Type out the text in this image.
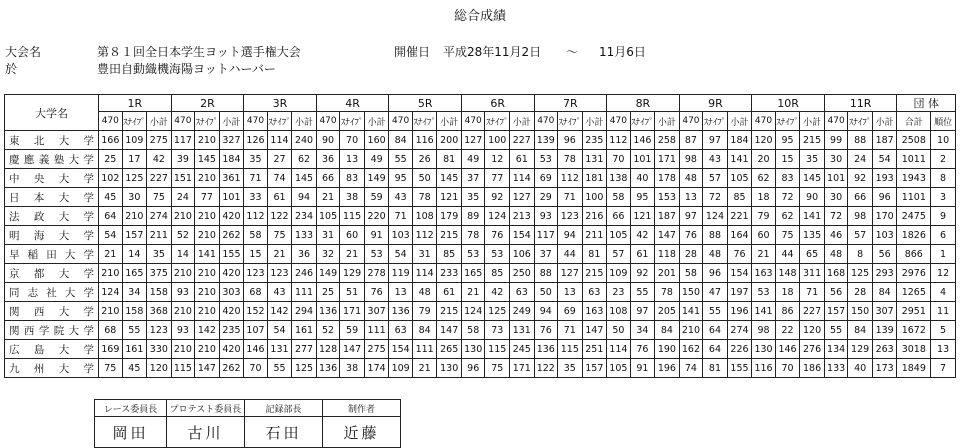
総合成績
大会名	第８１回全日本学生ヨット選手権大会
於	豊田自動織機海陽ヨットハーバー
開催日 平成28年11月2日 ～ 11月6日
大学名	1R			2R			3R			4R			5R			6R			7R			8R			9R			10R			11R			団 体	
	470	ｽﾅｲﾌﾟ	小計	470	ｽﾅｲﾌﾟ	小計	470	ｽﾅｲﾌﾟ	小計	470	ｽﾅｲﾌﾟ	小計	470	ｽﾅｲﾌﾟ	小計	470	ｽﾅｲﾌﾟ	小計	470	ｽﾅｲﾌﾟ	小計	470	ｽﾅｲﾌﾟ	小計	470	ｽﾅｲﾌﾟ	小計	470	ｽﾅｲﾌﾟ	小計	470	ｽﾅｲﾌﾟ	小計	合計	順位
東北大学	166	109	275	117	210	327	126	114	240	90	70	160	84	116	200	127	100	227	139	96	235	112	146	258	87	97	184	120	95	215	99	88	187	2508	10
慶應義塾大学	25	17	42	39	145	184	35	27	62	36	13	49	55	26	81	49	12	61	53	78	131	70	101	171	98	43	141	20	15	35	30	24	54	1011	2
中央大学	102	125	227	151	210	361	71	74	145	66	83	149	95	50	145	37	77	114	69	112	181	138	40	178	48	57	105	62	83	145	101	92	193	1943	8
日本大学	45	30	75	24	77	101	33	61	94	21	38	59	43	78	121	35	92	127	29	71	100	58	95	153	13	72	85	18	72	90	30	66	96	1101	3
法政大学	64	210	274	210	210	420	112	122	234	105	115	220	71	108	179	89	124	213	93	123	216	66	121	187	97	124	221	79	62	141	72	98	170	2475	9
明海大学	54	157	211	52	210	262	58	75	133	31	60	91	103	112	215	78	76	154	117	94	211	105	42	147	76	88	164	60	75	135	46	57	103	1826	6
早稲田大学	21	14	35	14	141	155	15	21	36	32	21	53	54	31	85	53	53	106	37	44	81	57	61	118	28	48	76	21	44	65	48	8	56	866	1
京都大学	210	165	375	210	210	420	123	123	246	149	129	278	119	114	233	165	85	250	88	127	215	109	92	201	58	96	154	163	148	311	168	125	293	2976	12
同志社大学	124	34	158	93	210	303	68	43	111	25	51	76	13	48	61	21	42	63	50	13	63	23	55	78	150	47	197	53	18	71	56	28	84	1265	4
関西大学	210	158	368	210	210	420	152	142	294	136	171	307	136	79	215	124	125	249	94	69	163	108	97	205	141	55	196	141	86	227	157	150	307	2951	11
関西学院大学	68	55	123	93	142	235	107	54	161	52	59	111	63	84	147	58	73	131	76	71	147	50	34	84	210	64	274	98	22	120	55	84	139	1672	5
広島大学	169	161	330	210	210	420	146	131	277	128	147	275	154	111	265	130	115	245	136	115	251	114	76	190	162	64	226	130	146	276	134	129	263	3018	13
九州大学	75	45	120	115	147	262	70	55	125	136	38	174	109	21	130	96	75	171	122	35	157	105	91	196	74	81	155	116	70	186	133	40	173	1849	7
レース委員長	プロテスト委員長	記録部長	制作者
岡田	古川	石田	近藤
